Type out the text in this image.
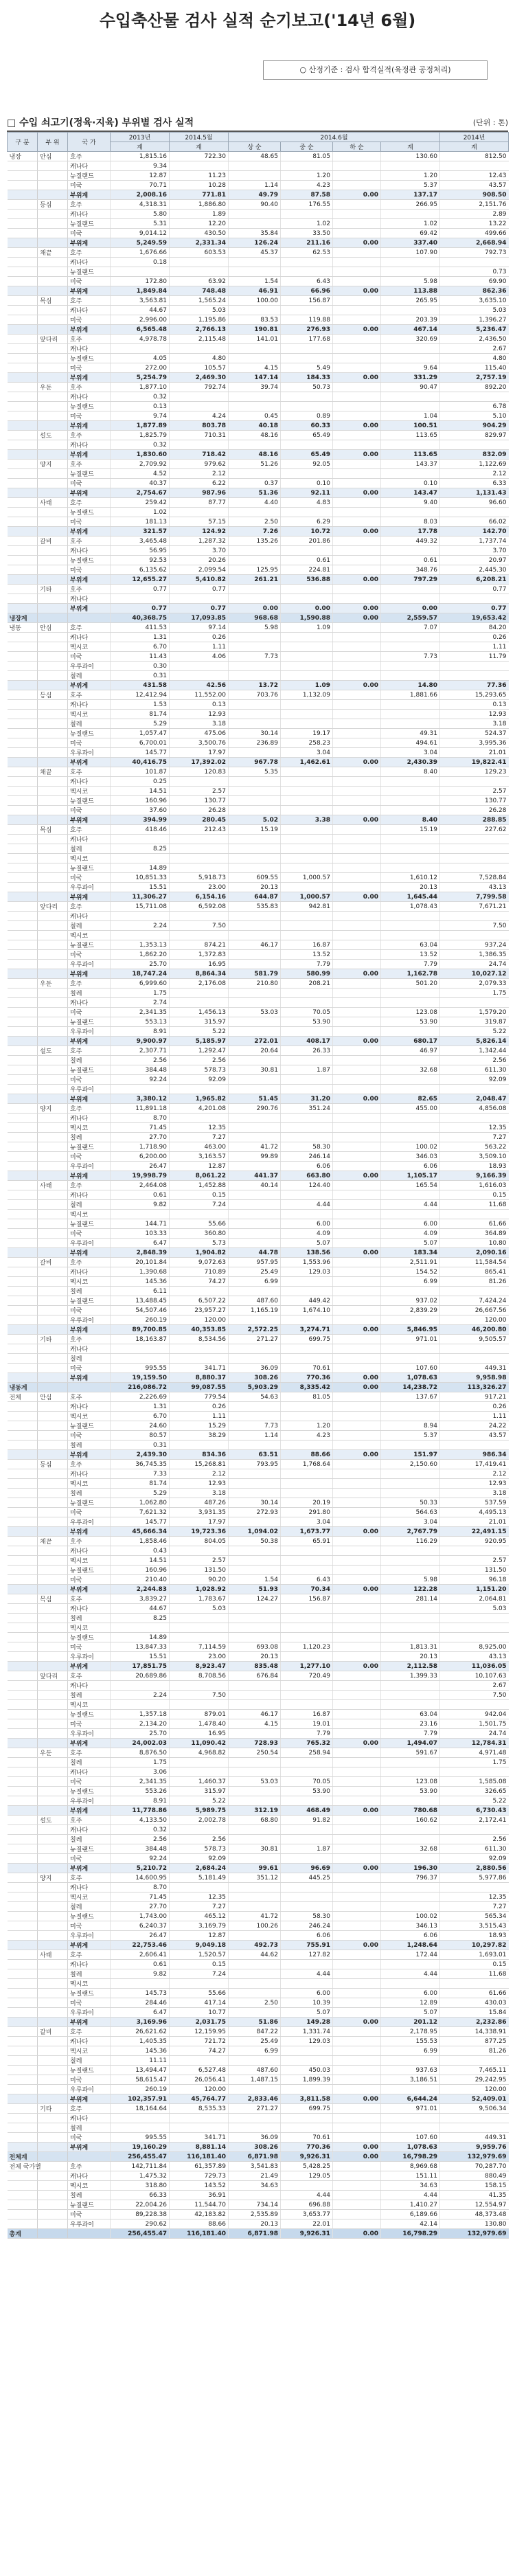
수입축산물 검사 실적 순기보고('14년 6월)
○ 산정기준 : 검사 합격실적(육정관 공정처리)
□ 수입 쇠고기(정육·지육) 부위별 검사 실적	(단위 : 톤)
구 분	부 위	국 가	2013년	2014.5월	2014.6월				2014년
			계	계	상 순	중 순	하 순	계	계
냉장	안심	호주	1,815.16	722.30	48.65	81.05		130.60	812.50
		캐나다	9.34						
		뉴질랜드	12.87	11.23		1.20		1.20	12.43
		미국	70.71	10.28	1.14	4.23		5.37	43.57
		부위계	2,008.16	771.81	49.79	87.58	0.00	137.17	908.50
	등심	호주	4,318.31	1,886.80	90.40	176.55		266.95	2,151.76
		캐나다	5.80	1.89					2.89
		뉴질랜드	5.31	12.20		1.02		1.02	13.22
		미국	9,014.12	430.50	35.84	33.50		69.42	499.66
		부위계	5,249.59	2,331.34	126.24	211.16	0.00	337.40	2,668.94
	채끝	호주	1,676.66	603.53	45.37	62.53		107.90	792.73
		캐나다	0.18						
		뉴질랜드							0.73
		미국	172.80	63.92	1.54	6.43		5.98	69.90
		부위계	1,849.84	748.48	46.91	66.96	0.00	113.88	862.36
	목심	호주	3,563.81	1,565.24	100.00	156.87		265.95	3,635.10
		캐나다	44.67	5.03					5.03
		미국	2,996.00	1,195.86	83.53	119.88		203.39	1,396.27
		부위계	6,565.48	2,766.13	190.81	276.93	0.00	467.14	5,236.47
	앞다리	호주	4,978.78	2,115.48	141.01	177.68		320.69	2,436.50
		캐나다							2.67
		뉴질랜드	4.05	4.80					4.80
		미국	272.00	105.57	4.15	5.49		9.64	115.40
		부위계	5,254.79	2,469.30	147.14	184.33	0.00	331.29	2,757.19
	우둔	호주	1,877.10	792.74	39.74	50.73		90.47	892.20
		캐나다	0.32						
		뉴질랜드	0.13						6.78
		미국	9.74	4.24	0.45	0.89		1.04	5.10
		부위계	1,877.89	803.78	40.18	60.33	0.00	100.51	904.29
	설도	호주	1,825.79	710.31	48.16	65.49		113.65	829.97
		캐나다	0.32						
		부위계	1,830.60	718.42	48.16	65.49	0.00	113.65	832.09
	양지	호주	2,709.92	979.62	51.26	92.05		143.37	1,122.69
		뉴질랜드	4.52	2.12					2.12
		미국	40.37	6.22	0.37	0.10		0.10	6.33
		부위계	2,754.67	987.96	51.36	92.11	0.00	143.47	1,131.43
	사태	호주	259.42	87.77	4.40	4.83		9.40	96.60
		뉴질랜드	1.02						
		미국	181.13	57.15	2.50	6.29		8.03	66.02
		부위계	321.57	124.92	7.26	10.72	0.00	17.78	142.70
	갈비	호주	3,465.48	1,287.32	135.26	201.86		449.32	1,737.74
		캐나다	56.95	3.70					3.70
		뉴질랜드	92.53	20.26		0.61		0.61	20.97
		미국	6,135.62	2,099.54	125.95	224.81		348.76	2,445.30
		부위계	12,655.27	5,410.82	261.21	536.88	0.00	797.29	6,208.21
	기타	호주	0.77	0.77					0.77
		캐나다							
		부위계	0.77	0.77	0.00	0.00	0.00	0.00	0.77
냉장계			40,368.75	17,093.85	968.68	1,590.88	0.00	2,559.57	19,653.42
냉동	안심	호주	411.53	97.14	5.98	1.09		7.07	84.20
		캐나다	1.31	0.26					0.26
		멕시코	6.70	1.11					1.11
		미국	11.43	4.06	7.73			7.73	11.79
		우루과이	0.30						
		칠레	0.31						
		부위계	431.58	42.56	13.72	1.09	0.00	14.80	77.36
	등심	호주	12,412.94	11,552.00	703.76	1,132.09		1,881.66	15,293.65
		캐나다	1.53	0.13					0.13
		멕시코	81.74	12.93					12.93
		칠레	5.29	3.18					3.18
		뉴질랜드	1,057.47	475.06	30.14	19.17		49.31	524.37
		미국	6,700.01	3,500.76	236.89	258.23		494.61	3,995.36
		우루과이	145.77	17.97		3.04		3.04	21.01
		부위계	40,416.75	17,392.02	967.78	1,462.61	0.00	2,430.39	19,822.41
	채끝	호주	101.87	120.83	5.35			8.40	129.23
		캐나다	0.25						
		멕시코	14.51	2.57					2.57
		뉴질랜드	160.96	130.77					130.77
		미국	37.60	26.28					26.28
		부위계	394.99	280.45	5.02	3.38	0.00	8.40	288.85
	목심	호주	418.46	212.43	15.19			15.19	227.62
		캐나다							
		칠레	8.25						
		멕시코							
		뉴질랜드	14.89						
		미국	10,851.33	5,918.73	609.55	1,000.57		1,610.12	7,528.84
		우루과이	15.51	23.00	20.13			20.13	43.13
		부위계	11,306.27	6,154.16	644.87	1,000.57	0.00	1,645.44	7,799.58
	앞다리	호주	15,711.08	6,592.08	535.83	942.81		1,078.43	7,671.21
		캐나다							
		칠레	2.24	7.50					7.50
		멕시코							
		뉴질랜드	1,353.13	874.21	46.17	16.87		63.04	937.24
		미국	1,862.20	1,372.83		13.52		13.52	1,386.35
		우루과이	25.70	16.95		7.79		7.79	24.74
		부위계	18,747.24	8,864.34	581.79	580.99	0.00	1,162.78	10,027.12
	우둔	호주	6,999.60	2,176.08	210.80	208.21		501.20	2,079.33
		칠레	1.75						1.75
		캐나다	2.74						
		미국	2,341.35	1,456.13	53.03	70.05		123.08	1,579.20
		뉴질랜드	553.13	315.97		53.90		53.90	319.87
		우루과이	8.91	5.22					5.22
		부위계	9,900.97	5,185.97	272.01	408.17	0.00	680.17	5,826.14
	설도	호주	2,307.71	1,292.47	20.64	26.33		46.97	1,342.44
		칠레	2.56	2.56					2.56
		뉴질랜드	384.48	578.73	30.81	1.87		32.68	611.30
		미국	92.24	92.09					92.09
		우루과이							
		부위계	3,380.12	1,965.82	51.45	31.20	0.00	82.65	2,048.47
	양지	호주	11,891.18	4,201.08	290.76	351.24		455.00	4,856.08
		캐나다	8.70						
		멕시코	71.45	12.35					12.35
		칠레	27.70	7.27					7.27
		뉴질랜드	1,718.90	463.00	41.72	58.30		100.02	563.22
		미국	6,200.00	3,163.57	99.89	246.14		346.03	3,509.10
		우루과이	26.47	12.87		6.06		6.06	18.93
		부위계	19,998.79	8,061.22	441.37	663.80	0.00	1,105.17	9,166.39
	사태	호주	2,464.08	1,452.88	40.14	124.40		165.54	1,616.03
		캐나다	0.61	0.15					0.15
		칠레	9.82	7.24		4.44		4.44	11.68
		멕시코							
		뉴질랜드	144.71	55.66		6.00		6.00	61.66
		미국	103.33	360.80		4.09		4.09	364.89
		우루과이	6.47	5.73		5.07		5.07	10.80
		부위계	2,848.39	1,904.82	44.78	138.56	0.00	183.34	2,090.16
	갈비	호주	20,101.84	9,072.63	957.95	1,553.96		2,511.91	11,584.54
		캐나다	1,390.68	710.89	25.49	129.03		154.52	865.41
		멕시코	145.36	74.27	6.99			6.99	81.26
		칠레	6.11						
		뉴질랜드	13,488.45	6,507.22	487.60	449.42		937.02	7,424.24
		미국	54,507.46	23,957.27	1,165.19	1,674.10		2,839.29	26,667.56
		우루과이	260.19	120.00					120.00
		부위계	89,700.85	40,353.85	2,572.25	3,274.71	0.00	5,846.95	46,200.80
	기타	호주	18,163.87	8,534.56	271.27	699.75		971.01	9,505.57
		캐나다							
		칠레							
		미국	995.55	341.71	36.09	70.61		107.60	449.31
		부위계	19,159.50	8,880.37	308.26	770.36	0.00	1,078.63	9,958.98
냉동계			216,086.72	99,087.55	5,903.29	8,335.42	0.00	14,238.72	113,326.27
전체	안심	호주	2,226.69	779.54	54.63	81.05		137.67	917.21
		캐나다	1.31	0.26					0.26
		멕시코	6.70	1.11					1.11
		뉴질랜드	24.60	15.29	7.73	1.20		8.94	24.22
		미국	80.57	38.29	1.14	4.23		5.37	43.57
		칠레	0.31						
		부위계	2,439.30	834.36	63.51	88.66	0.00	151.97	986.34
	등심	호주	36,745.35	15,268.81	793.95	1,768.64		2,150.60	17,419.41
		캐나다	7.33	2.12					2.12
		멕시코	81.74	12.93					12.93
		칠레	5.29	3.18					3.18
		뉴질랜드	1,062.80	487.26	30.14	20.19		50.33	537.59
		미국	7,621.32	3,931.35	272.93	291.80		564.63	4,495.13
		우루과이	145.77	17.97		3.04		3.04	21.01
		부위계	45,666.34	19,723.36	1,094.02	1,673.77	0.00	2,767.79	22,491.15
	채끝	호주	1,858.46	804.05	50.38	65.91		116.29	920.95
		캐나다	0.43						
		멕시코	14.51	2.57					2.57
		뉴질랜드	160.96	131.50					131.50
		미국	210.40	90.20	1.54	6.43		5.98	96.18
		부위계	2,244.83	1,028.92	51.93	70.34	0.00	122.28	1,151.20
	목심	호주	3,839.27	1,783.67	124.27	156.87		281.14	2,064.81
		캐나다	44.67	5.03					5.03
		칠레	8.25						
		멕시코							
		뉴질랜드	14.89						
		미국	13,847.33	7,114.59	693.08	1,120.23		1,813.31	8,925.00
		우루과이	15.51	23.00	20.13			20.13	43.13
		부위계	17,851.75	8,923.47	835.48	1,277.10	0.00	2,112.58	11,036.05
	앞다리	호주	20,689.86	8,708.56	676.84	720.49		1,399.33	10,107.63
		캐나다							2.67
		칠레	2.24	7.50					7.50
		멕시코							
		뉴질랜드	1,357.18	879.01	46.17	16.87		63.04	942.04
		미국	2,134.20	1,478.40	4.15	19.01		23.16	1,501.75
		우루과이	25.70	16.95		7.79		7.79	24.74
		부위계	24,002.03	11,090.42	728.93	765.32	0.00	1,494.07	12,784.31
	우둔	호주	8,876.50	4,968.82	250.54	258.94		591.67	4,971.48
		칠레	1.75						1.75
		캐나다	3.06						
		미국	2,341.35	1,460.37	53.03	70.05		123.08	1,585.08
		뉴질랜드	553.26	315.97		53.90		53.90	326.65
		우루과이	8.91	5.22					5.22
		부위계	11,778.86	5,989.75	312.19	468.49	0.00	780.68	6,730.43
	설도	호주	4,133.50	2,002.78	68.80	91.82		160.62	2,172.41
		캐나다	0.32						
		칠레	2.56	2.56					2.56
		뉴질랜드	384.48	578.73	30.81	1.87		32.68	611.30
		미국	92.24	92.09					92.09
		부위계	5,210.72	2,684.24	99.61	96.69	0.00	196.30	2,880.56
	양지	호주	14,600.95	5,181.49	351.12	445.25		796.37	5,977.86
		캐나다	8.70						
		멕시코	71.45	12.35					12.35
		칠레	27.70	7.27					7.27
		뉴질랜드	1,743.00	465.12	41.72	58.30		100.02	565.34
		미국	6,240.37	3,169.79	100.26	246.24		346.13	3,515.43
		우루과이	26.47	12.87		6.06		6.06	18.93
		부위계	22,753.46	9,049.18	492.73	755.91	0.00	1,248.64	10,297.82
	사태	호주	2,606.41	1,520.57	44.62	127.82		172.44	1,693.01
		캐나다	0.61	0.15					0.15
		칠레	9.82	7.24		4.44		4.44	11.68
		멕시코							
		뉴질랜드	145.73	55.66		6.00		6.00	61.66
		미국	284.46	417.14	2.50	10.39		12.89	430.03
		우루과이	6.47	10.77		5.07		5.07	15.84
		부위계	3,169.96	2,031.75	51.86	149.28	0.00	201.12	2,232.86
	갈비	호주	26,621.62	12,159.95	847.22	1,331.74		2,178.95	14,338.91
		캐나다	1,405.35	721.72	25.49	129.03		155.53	877.25
		멕시코	145.36	74.27	6.99			6.99	81.26
		칠레	11.11						
		뉴질랜드	13,494.47	6,527.48	487.60	450.03		937.63	7,465.11
		미국	58,615.47	26,056.41	1,487.15	1,899.39		3,186.51	29,242.95
		우루과이	260.19	120.00					120.00
		부위계	102,357.91	45,764.77	2,833.46	3,811.58	0.00	6,644.24	52,409.01
	기타	호주	18,164.64	8,535.33	271.27	699.75		971.01	9,506.34
		캐나다							
		칠레							
		미국	995.55	341.71	36.09	70.61		107.60	449.31
		부위계	19,160.29	8,881.14	308.26	770.36	0.00	1,078.63	9,959.76
전체계			256,455.47	116,181.40	6,871.98	9,926.31	0.00	16,798.29	132,979.69
전체 국가별		호주	142,711.84	61,357.89	3,541.83	5,428.25		8,969.68	70,287.70
		캐나다	1,475.32	729.73	21.49	129.05		151.11	880.49
		멕시코	318.80	143.52	34.63			34.63	158.15
		칠레	66.33	36.91		4.44		4.44	41.35
		뉴질랜드	22,004.26	11,544.70	734.14	696.88		1,410.27	12,554.97
		미국	89,228.38	42,183.82	2,535.89	3,653.77		6,189.66	48,373.48
		우루과이	290.62	88.66	20.13	22.01		42.14	130.80
총계			256,455.47	116,181.40	6,871.98	9,926.31	0.00	16,798.29	132,979.69
